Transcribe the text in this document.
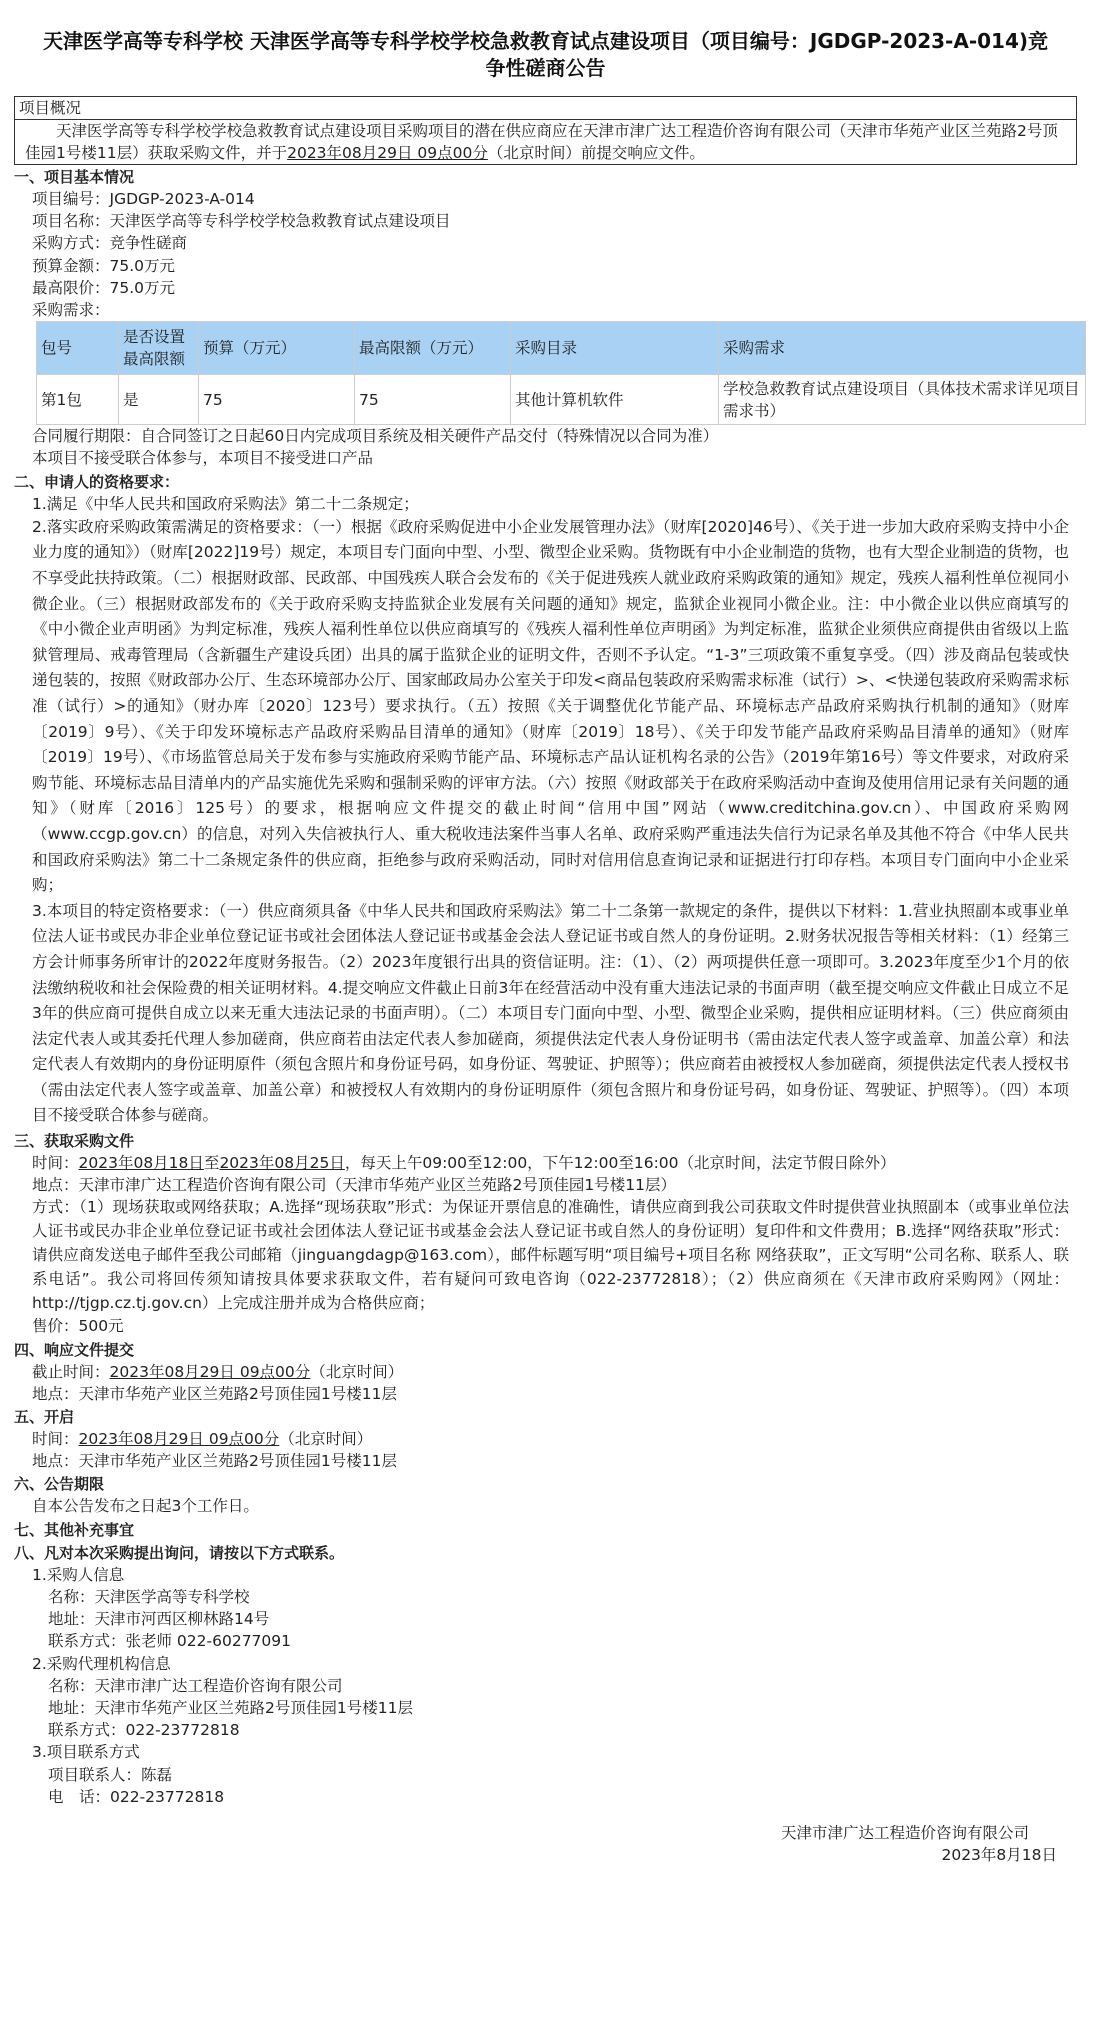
天津医学高等专科学校 天津医学高等专科学校学校急救教育试点建设项目（项目编号：JGDGP-2023-A-014)竞争性磋商公告
项目概况
天津医学高等专科学校学校急救教育试点建设项目采购项目的潜在供应商应在天津市津广达工程造价咨询有限公司（天津市华苑产业区兰苑路2号顶佳园1号楼11层）获取采购文件，并于2023年08月29日 09点00分（北京时间）前提交响应文件。
一、项目基本情况
项目编号：JGDGP-2023-A-014
项目名称：天津医学高等专科学校学校急救教育试点建设项目
采购方式：竞争性磋商
预算金额：75.0万元
最高限价：75.0万元
采购需求：
包号	是否设置最高限额	预算（万元）	最高限额（万元）	采购目录	采购需求
第1包	是	75	75	其他计算机软件	学校急救教育试点建设项目（具体技术需求详见项目需求书）
合同履行期限：自合同签订之日起60日内完成项目系统及相关硬件产品交付（特殊情况以合同为准）
本项目不接受联合体参与，本项目不接受进口产品
二、申请人的资格要求：
1.满足《中华人民共和国政府采购法》第二十二条规定；
2.落实政府采购政策需满足的资格要求：（一）根据《政府采购促进中小企业发展管理办法》（财库[2020]46号）、《关于进一步加大政府采购支持中小企业力度的通知》）（财库[2022]19号）规定，本项目专门面向中型、小型、微型企业采购。货物既有中小企业制造的货物，也有大型企业制造的货物，也不享受此扶持政策。（二）根据财政部、民政部、中国残疾人联合会发布的《关于促进残疾人就业政府采购政策的通知》规定，残疾人福利性单位视同小微企业。（三）根据财政部发布的《关于政府采购支持监狱企业发展有关问题的通知》规定，监狱企业视同小微企业。注：中小微企业以供应商填写的《中小微企业声明函》为判定标准，残疾人福利性单位以供应商填写的《残疾人福利性单位声明函》为判定标准，监狱企业须供应商提供由省级以上监狱管理局、戒毒管理局（含新疆生产建设兵团）出具的属于监狱企业的证明文件，否则不予认定。“1-3”三项政策不重复享受。（四）涉及商品包装或快递包装的，按照《财政部办公厅、生态环境部办公厅、国家邮政局办公室关于印发<商品包装政府采购需求标准（试行）>、<快递包装政府采购需求标准（试行）>的通知》（财办库〔2020〕123号）要求执行。（五）按照《关于调整优化节能产品、环境标志产品政府采购执行机制的通知》（财库〔2019〕9号）、《关于印发环境标志产品政府采购品目清单的通知》（财库〔2019〕18号）、《关于印发节能产品政府采购品目清单的通知》（财库〔2019〕19号）、《市场监管总局关于发布参与实施政府采购节能产品、环境标志产品认证机构名录的公告》（2019年第16号）等文件要求，对政府采购节能、环境标志品目清单内的产品实施优先采购和强制采购的评审方法。（六）按照《财政部关于在政府采购活动中查询及使用信用记录有关问题的通知》（财库〔2016〕125号）的要求，根据响应文件提交的截止时间“信用中国”网站（www.creditchina.gov.cn）、中国政府采购网（www.ccgp.gov.cn）的信息，对列入失信被执行人、重大税收违法案件当事人名单、政府采购严重违法失信行为记录名单及其他不符合《中华人民共和国政府采购法》第二十二条规定条件的供应商，拒绝参与政府采购活动，同时对信用信息查询记录和证据进行打印存档。本项目专门面向中小企业采购；
3.本项目的特定资格要求：（一）供应商须具备《中华人民共和国政府采购法》第二十二条第一款规定的条件，提供以下材料：1.营业执照副本或事业单位法人证书或民办非企业单位登记证书或社会团体法人登记证书或基金会法人登记证书或自然人的身份证明。2.财务状况报告等相关材料：（1）经第三方会计师事务所审计的2022年度财务报告。（2）2023年度银行出具的资信证明。注：（1）、（2）两项提供任意一项即可。3.2023年度至少1个月的依法缴纳税收和社会保险费的相关证明材料。4.提交响应文件截止日前3年在经营活动中没有重大违法记录的书面声明（截至提交响应文件截止日成立不足3年的供应商可提供自成立以来无重大违法记录的书面声明）。（二）本项目专门面向中型、小型、微型企业采购，提供相应证明材料。（三）供应商须由法定代表人或其委托代理人参加磋商，供应商若由法定代表人参加磋商，须提供法定代表人身份证明书（需由法定代表人签字或盖章、加盖公章）和法定代表人有效期内的身份证明原件（须包含照片和身份证号码，如身份证、驾驶证、护照等）；供应商若由被授权人参加磋商，须提供法定代表人授权书（需由法定代表人签字或盖章、加盖公章）和被授权人有效期内的身份证明原件（须包含照片和身份证号码，如身份证、驾驶证、护照等）。（四）本项目不接受联合体参与磋商。
三、获取采购文件
时间：2023年08月18日至2023年08月25日，每天上午09:00至12:00，下午12:00至16:00（北京时间，法定节假日除外）
地点：天津市津广达工程造价咨询有限公司（天津市华苑产业区兰苑路2号顶佳园1号楼11层）
方式：（1）现场获取或网络获取；A.选择“现场获取”形式：为保证开票信息的准确性，请供应商到我公司获取文件时提供营业执照副本（或事业单位法人证书或民办非企业单位登记证书或社会团体法人登记证书或基金会法人登记证书或自然人的身份证明）复印件和文件费用；B.选择“网络获取”形式：请供应商发送电子邮件至我公司邮箱（jinguangdagp@163.com），邮件标题写明“项目编号+项目名称 网络获取”，正文写明“公司名称、联系人、联系电话”。我公司将回传须知请按具体要求获取文件，若有疑问可致电咨询（022-23772818）；（2）供应商须在《天津市政府采购网》（网址：http://tjgp.cz.tj.gov.cn）上完成注册并成为合格供应商；
售价：500元
四、响应文件提交
截止时间：2023年08月29日 09点00分（北京时间）
地点：天津市华苑产业区兰苑路2号顶佳园1号楼11层
五、开启
时间：2023年08月29日 09点00分（北京时间）
地点：天津市华苑产业区兰苑路2号顶佳园1号楼11层
六、公告期限
自本公告发布之日起3个工作日。
七、其他补充事宜
八、凡对本次采购提出询问，请按以下方式联系。
1.采购人信息
名称：天津医学高等专科学校
地址：天津市河西区柳林路14号
联系方式：张老师 022-60277091
2.采购代理机构信息
名称：天津市津广达工程造价咨询有限公司
地址：天津市华苑产业区兰苑路2号顶佳园1号楼11层
联系方式：022-23772818
3.项目联系方式
项目联系人：陈磊
电　话：022-23772818
天津市津广达工程造价咨询有限公司
2023年8月18日
